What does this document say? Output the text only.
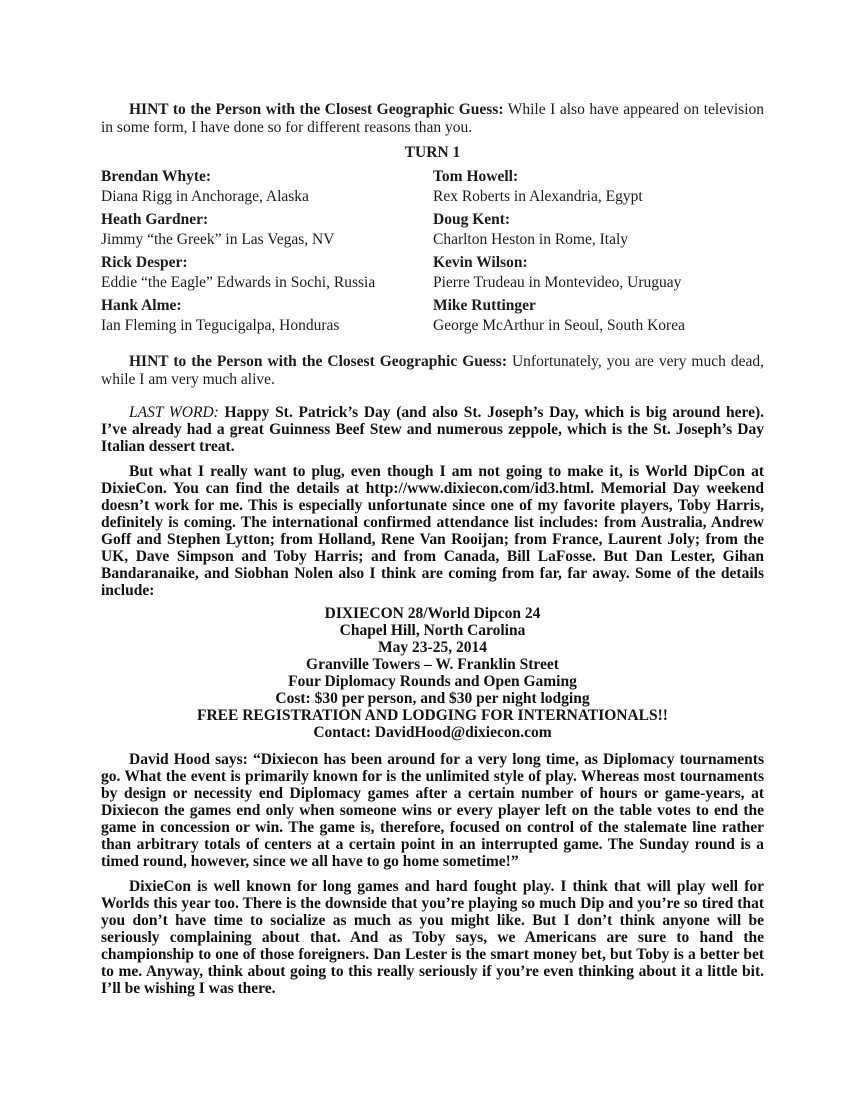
HINT to the Person with the Closest Geographic Guess: While I also have appeared on television in some form, I have done so for different reasons than you.

TURN 1
Brendan Whyte:
Diana Rigg in Anchorage, Alaska
Tom Howell:
Rex Roberts in Alexandria, Egypt
Heath Gardner:
Jimmy “the Greek” in Las Vegas, NV
Doug Kent:
Charlton Heston in Rome, Italy
Rick Desper:
Eddie “the Eagle” Edwards in Sochi, Russia
Kevin Wilson:
Pierre Trudeau in Montevideo, Uruguay
Hank Alme:
Ian Fleming in Tegucigalpa, Honduras
Mike Ruttinger
George McArthur in Seoul, South Korea

HINT to the Person with the Closest Geographic Guess: Unfortunately, you are very much dead, while I am very much alive.

LAST WORD: Happy St. Patrick’s Day (and also St. Joseph’s Day, which is big around here). I’ve already had a great Guinness Beef Stew and numerous zeppole, which is the St. Joseph’s Day Italian dessert treat.

But what I really want to plug, even though I am not going to make it, is World DipCon at DixieCon. You can find the details at http://www.dixiecon.com/id3.html. Memorial Day weekend doesn’t work for me. This is especially unfortunate since one of my favorite players, Toby Harris, definitely is coming. The international confirmed attendance list includes: from Australia, Andrew Goff and Stephen Lytton; from Holland, Rene Van Rooijan; from France, Laurent Joly; from the UK, Dave Simpson and Toby Harris; and from Canada, Bill LaFosse. But Dan Lester, Gihan Bandaranaike, and Siobhan Nolen also I think are coming from far, far away. Some of the details include:

DIXIECON 28/World Dipcon 24
Chapel Hill, North Carolina
May 23-25, 2014
Granville Towers – W. Franklin Street
Four Diplomacy Rounds and Open Gaming
Cost: $30 per person, and $30 per night lodging
FREE REGISTRATION AND LODGING FOR INTERNATIONALS!!
Contact: DavidHood@dixiecon.com

David Hood says: “Dixiecon has been around for a very long time, as Diplomacy tournaments go. What the event is primarily known for is the unlimited style of play. Whereas most tournaments by design or necessity end Diplomacy games after a certain number of hours or game-years, at Dixiecon the games end only when someone wins or every player left on the table votes to end the game in concession or win. The game is, therefore, focused on control of the stalemate line rather than arbitrary totals of centers at a certain point in an interrupted game. The Sunday round is a timed round, however, since we all have to go home sometime!”

DixieCon is well known for long games and hard fought play. I think that will play well for Worlds this year too. There is the downside that you’re playing so much Dip and you’re so tired that you don’t have time to socialize as much as you might like. But I don’t think anyone will be seriously complaining about that. And as Toby says, we Americans are sure to hand the championship to one of those foreigners. Dan Lester is the smart money bet, but Toby is a better bet to me. Anyway, think about going to this really seriously if you’re even thinking about it a little bit. I’ll be wishing I was there.
